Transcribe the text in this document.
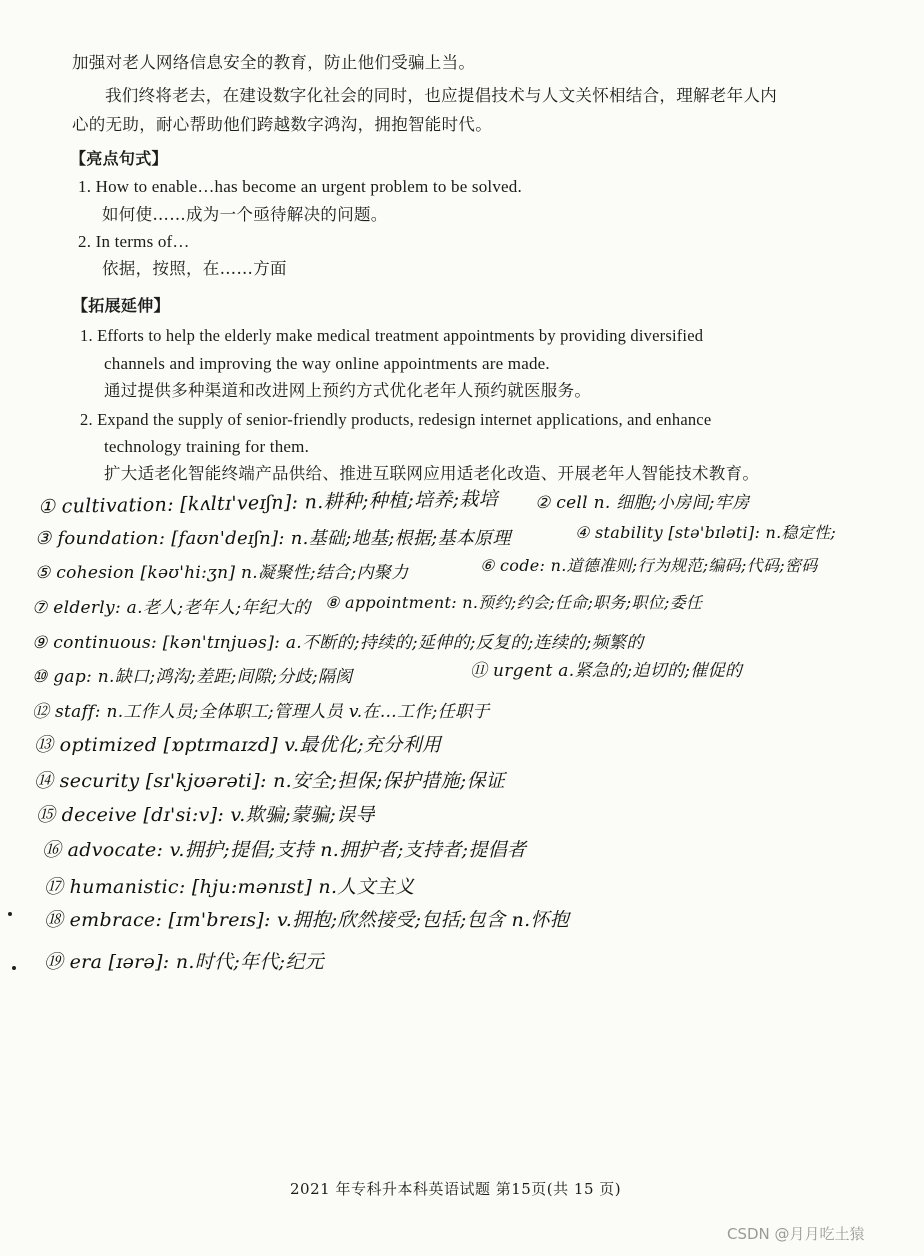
加强对老人网络信息安全的教育，防止他们受骗上当。
我们终将老去，在建设数字化社会的同时，也应提倡技术与人文关怀相结合，理解老年人内
心的无助，耐心帮助他们跨越数字鸿沟，拥抱智能时代。
【亮点句式】
1. How to enable…has become an urgent problem to be solved.
如何使……成为一个亟待解决的问题。
2. In terms of…
依据，按照，在……方面
【拓展延伸】
1. Efforts to help the elderly make medical treatment appointments by providing diversified
channels and improving the way online appointments are made.
通过提供多种渠道和改进网上预约方式优化老年人预约就医服务。
2. Expand the supply of senior-friendly products, redesign internet applications, and enhance
technology training for them.
扩大适老化智能终端产品供给、推进互联网应用适老化改造、开展老年人智能技术教育。
① cultivation: [kʌltɪ'veɪʃn]: n.耕种;种植;培养;栽培 ② cell n. 细胞;小房间;牢房
③ foundation: [faʊn'deɪʃn]: n.基础;地基;根据;基本原理	④ stability [stə'bɪləti]: n.稳定性;
⑤ cohesion [kəʊ'hi:ʒn] n.凝聚性;结合;内聚力	⑥ code: n.道德准则;行为规范;编码;代码;密码
⑦ elderly: a.老人;老年人;年纪大的 ⑧ appointment: n.预约;约会;任命;职务;职位;委任
⑨ continuous: [kən'tɪnjuəs]: a.不断的;持续的;延伸的;反复的;连续的;频繁的
⑩ gap: n.缺口;鸿沟;差距;间隙;分歧;隔阂	⑪ urgent a.紧急的;迫切的;催促的
⑫ staff: n.工作人员;全体职工;管理人员 v.在…工作;任职于
⑬ optimized [ɒptɪmaɪzd] v.最优化;充分利用
⑭ security [sɪ'kjʊərəti]: n.安全;担保;保护措施;保证
⑮ deceive [dɪ'si:v]: v.欺骗;蒙骗;误导
⑯ advocate: v.拥护;提倡;支持 n.拥护者;支持者;提倡者
⑰ humanistic: [hju:mənɪst] n.人文主义
⑱ embrace: [ɪm'breɪs]: v.拥抱;欣然接受;包括;包含 n.怀抱
⑲ era [ɪərə]: n.时代;年代;纪元
2021 年专科升本科英语试题 第15页(共 15 页)
CSDN @月月吃土猿
